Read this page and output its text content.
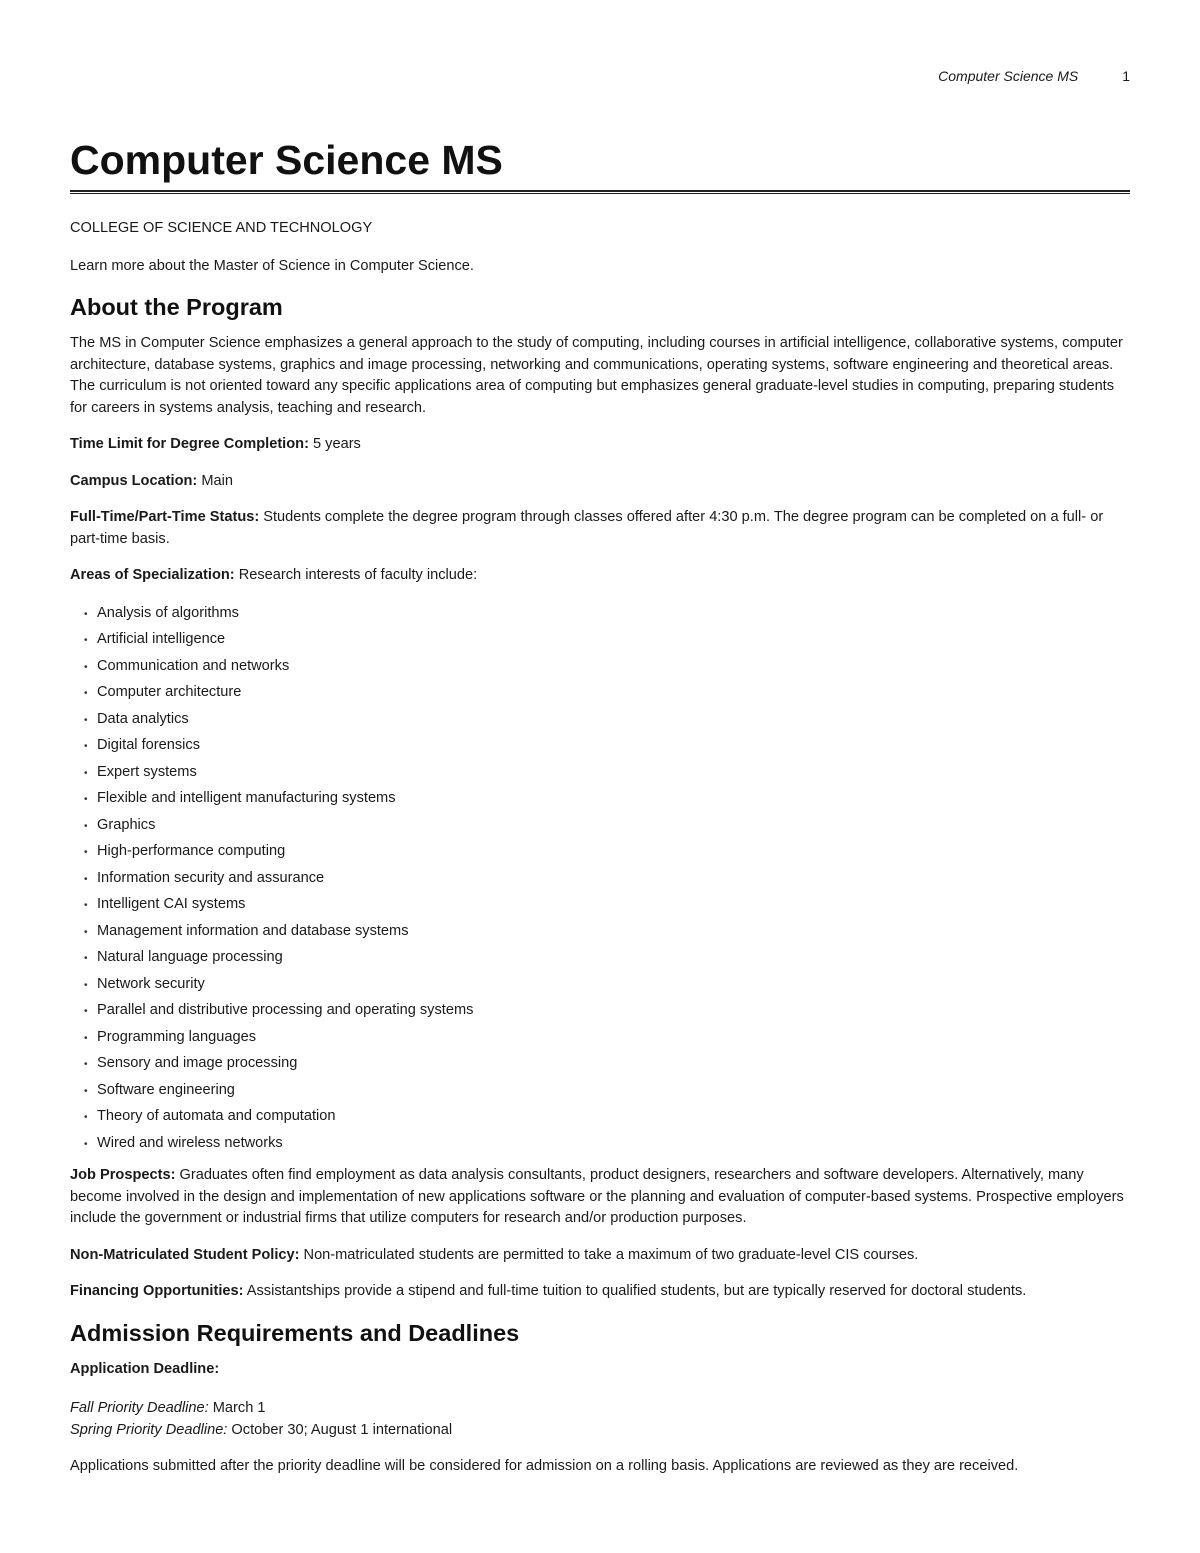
Computer Science MS	1
Computer Science MS

COLLEGE OF SCIENCE AND TECHNOLOGY

Learn more about the Master of Science in Computer Science.

About the Program

The MS in Computer Science emphasizes a general approach to the study of computing, including courses in artificial intelligence, collaborative systems, computer architecture, database systems, graphics and image processing, networking and communications, operating systems, software engineering and theoretical areas. The curriculum is not oriented toward any specific applications area of computing but emphasizes general graduate-level studies in computing, preparing students for careers in systems analysis, teaching and research.

Time Limit for Degree Completion: 5 years

Campus Location: Main

Full-Time/Part-Time Status: Students complete the degree program through classes offered after 4:30 p.m. The degree program can be completed on a full- or part-time basis.

Areas of Specialization: Research interests of faculty include:

• Analysis of algorithms
• Artificial intelligence
• Communication and networks
• Computer architecture
• Data analytics
• Digital forensics
• Expert systems
• Flexible and intelligent manufacturing systems
• Graphics
• High-performance computing
• Information security and assurance
• Intelligent CAI systems
• Management information and database systems
• Natural language processing
• Network security
• Parallel and distributive processing and operating systems
• Programming languages
• Sensory and image processing
• Software engineering
• Theory of automata and computation
• Wired and wireless networks

Job Prospects: Graduates often find employment as data analysis consultants, product designers, researchers and software developers. Alternatively, many become involved in the design and implementation of new applications software or the planning and evaluation of computer-based systems. Prospective employers include the government or industrial firms that utilize computers for research and/or production purposes.

Non-Matriculated Student Policy: Non-matriculated students are permitted to take a maximum of two graduate-level CIS courses.

Financing Opportunities: Assistantships provide a stipend and full-time tuition to qualified students, but are typically reserved for doctoral students.

Admission Requirements and Deadlines

Application Deadline:

Fall Priority Deadline: March 1

Spring Priority Deadline: October 30; August 1 international

Applications submitted after the priority deadline will be considered for admission on a rolling basis. Applications are reviewed as they are received.
